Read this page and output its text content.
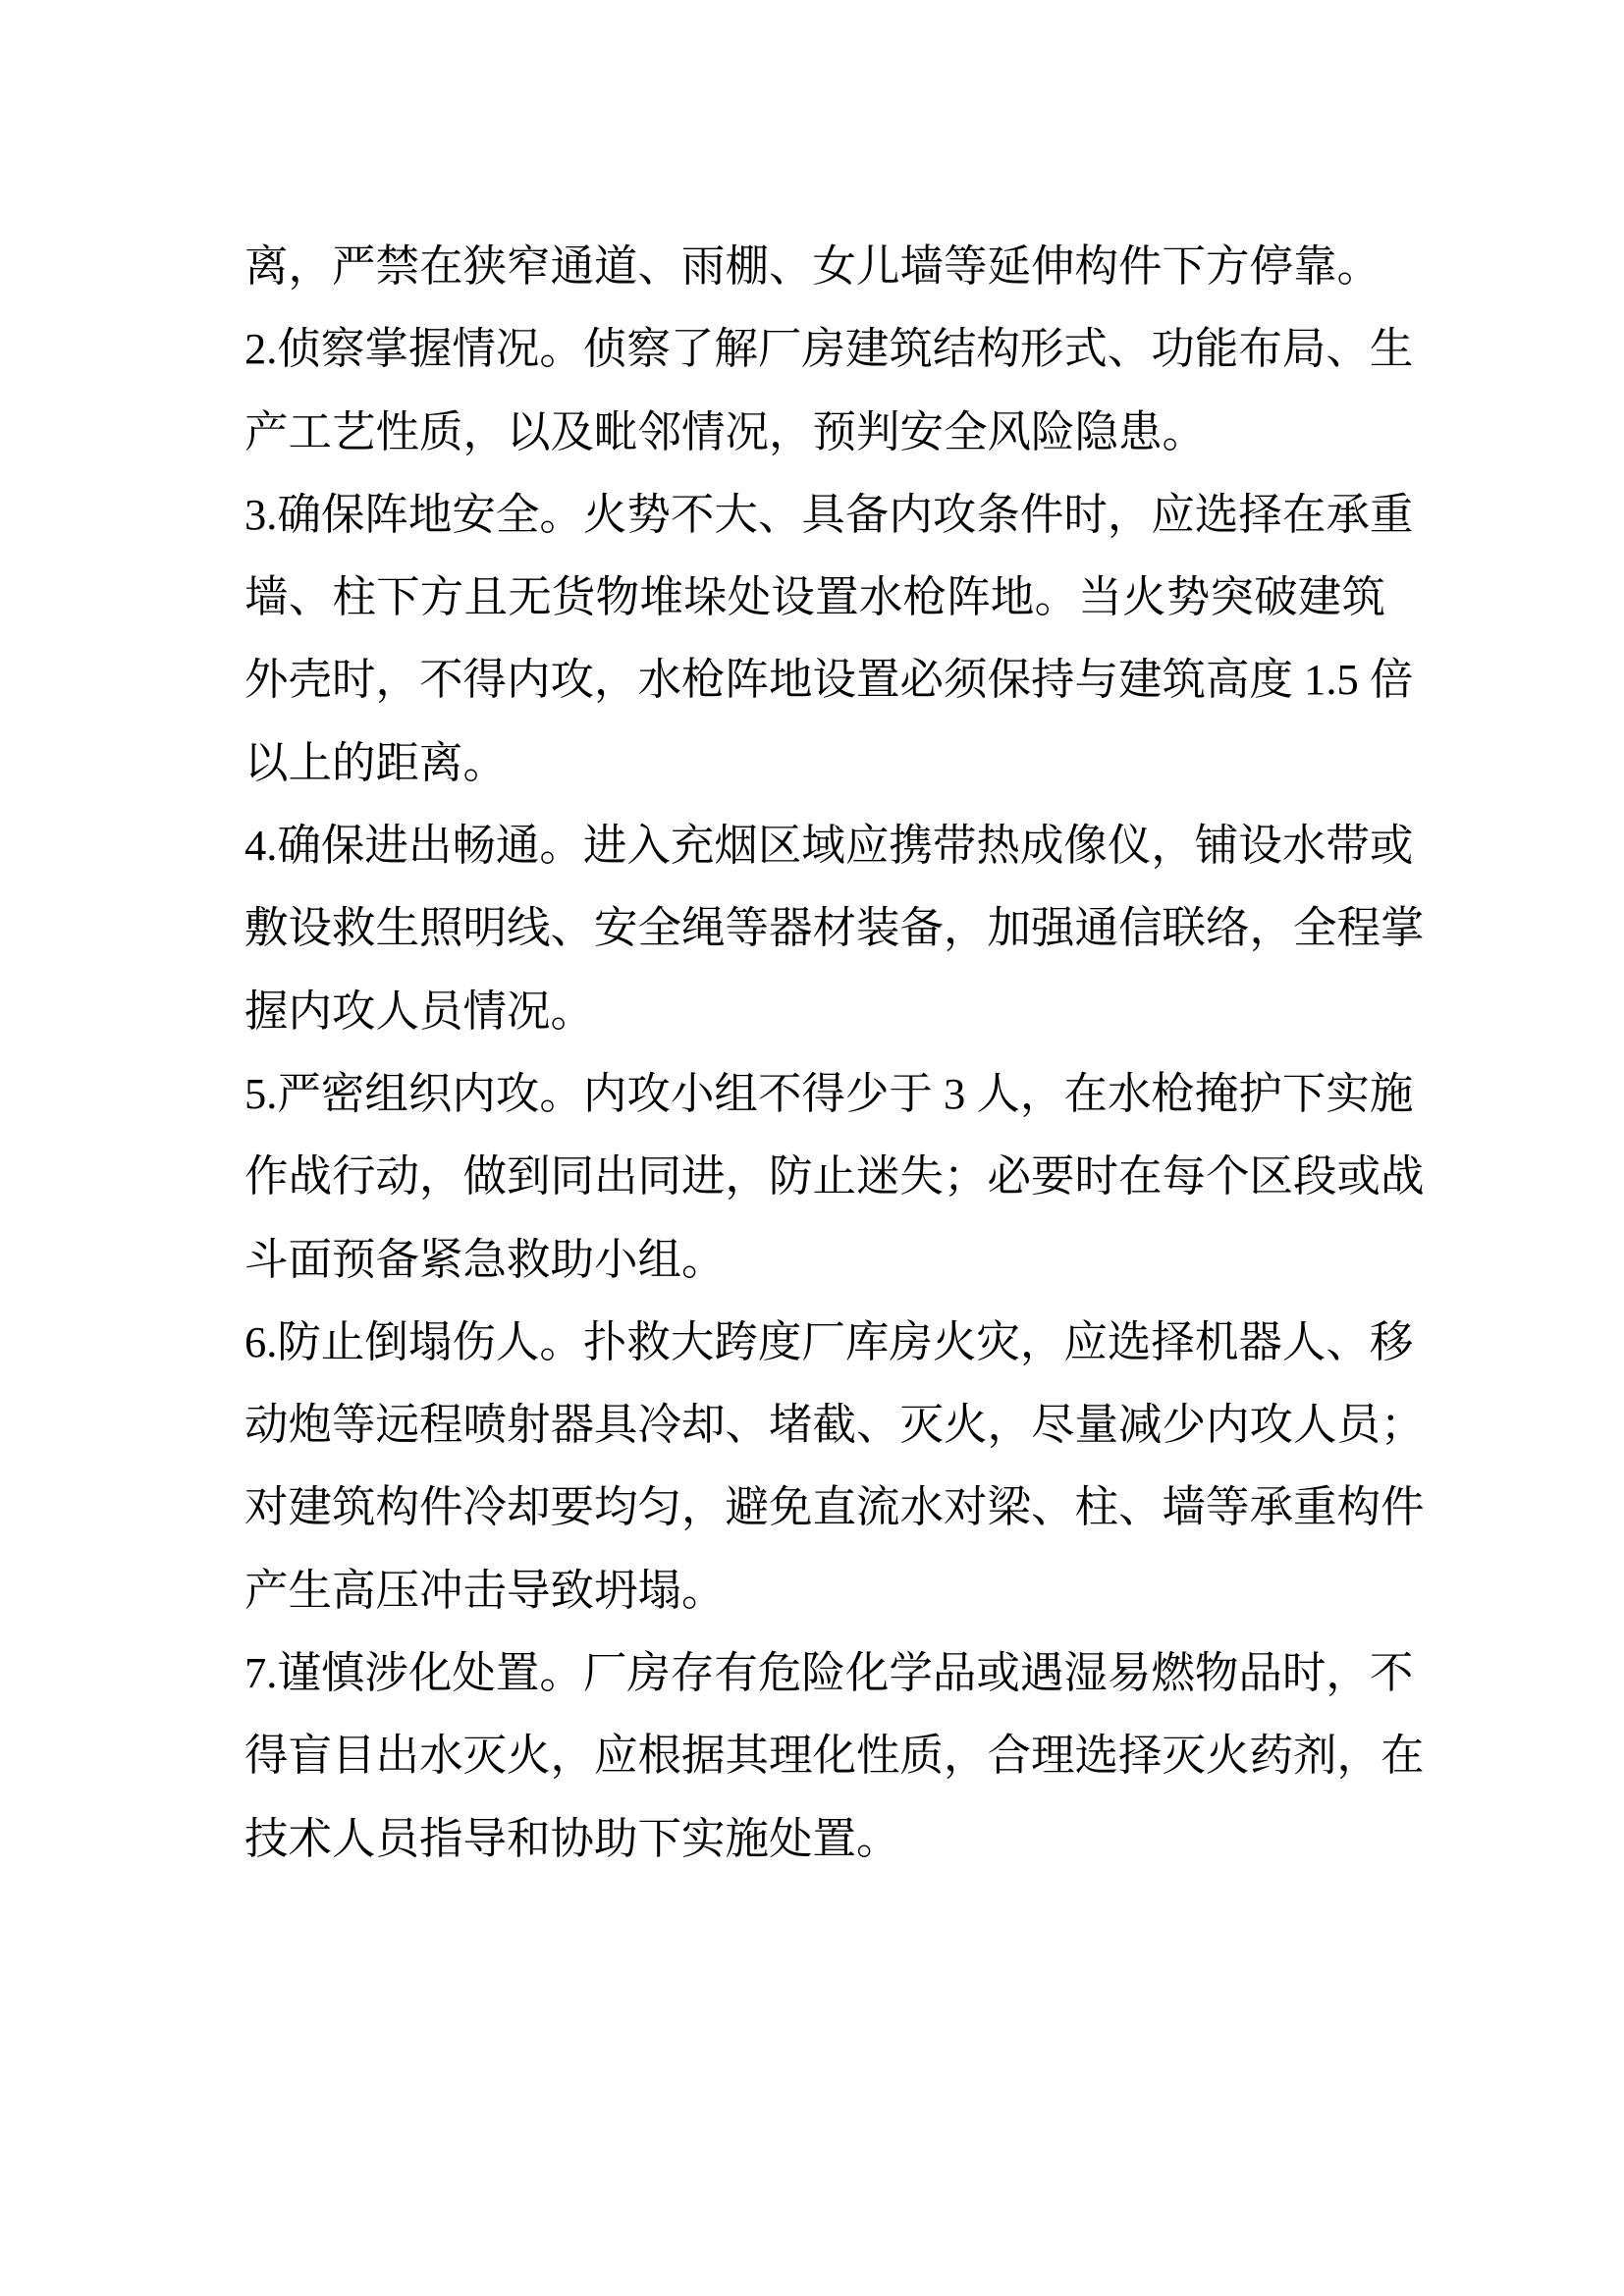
离，严禁在狭窄通道、雨棚、女儿墙等延伸构件下方停靠。
2.侦察掌握情况。侦察了解厂房建筑结构形式、功能布局、生
产工艺性质，以及毗邻情况，预判安全风险隐患。
3.确保阵地安全。火势不大、具备内攻条件时，应选择在承重
墙、柱下方且无货物堆垛处设置水枪阵地。当火势突破建筑
外壳时，不得内攻，水枪阵地设置必须保持与建筑高度 1.5 倍
以上的距离。
4.确保进出畅通。进入充烟区域应携带热成像仪，铺设水带或
敷设救生照明线、安全绳等器材装备，加强通信联络，全程掌
握内攻人员情况。
5.严密组织内攻。内攻小组不得少于 3 人，在水枪掩护下实施
作战行动，做到同出同进，防止迷失；必要时在每个区段或战
斗面预备紧急救助小组。
6.防止倒塌伤人。扑救大跨度厂库房火灾，应选择机器人、移
动炮等远程喷射器具冷却、堵截、灭火，尽量减少内攻人员；
对建筑构件冷却要均匀，避免直流水对梁、柱、墙等承重构件
产生高压冲击导致坍塌。
7.谨慎涉化处置。厂房存有危险化学品或遇湿易燃物品时，不
得盲目出水灭火，应根据其理化性质，合理选择灭火药剂，在
技术人员指导和协助下实施处置。
